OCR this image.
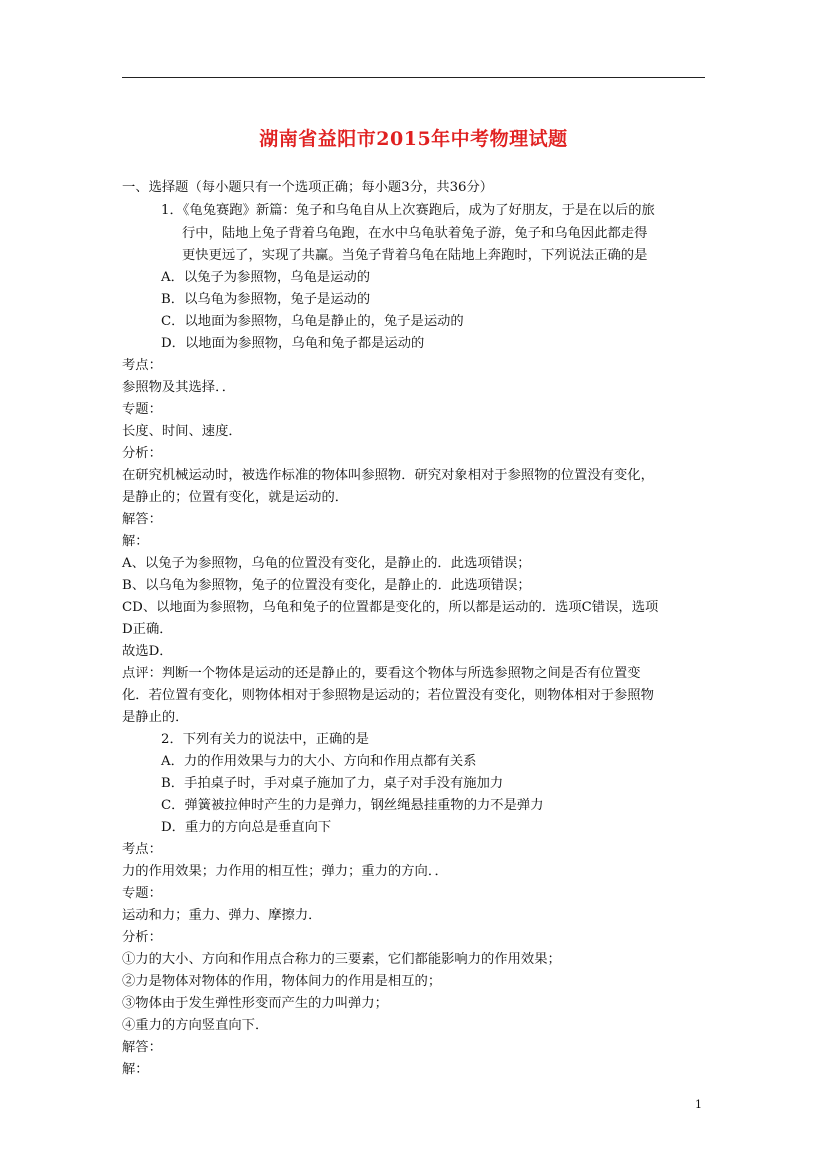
湖南省益阳市2015年中考物理试题
一、选择题（每小题只有一个选项正确；每小题3分，共36分）
1．《龟兔赛跑》新篇：兔子和乌龟自从上次赛跑后，成为了好朋友，于是在以后的旅
行中，陆地上兔子背着乌龟跑，在水中乌龟驮着兔子游，兔子和乌龟因此都走得
更快更远了，实现了共赢。当兔子背着乌龟在陆地上奔跑时，下列说法正确的是
A．以兔子为参照物，乌龟是运动的
B．以乌龟为参照物，兔子是运动的
C．以地面为参照物，乌龟是静止的，兔子是运动的
D．以地面为参照物，乌龟和兔子都是运动的
考点：
参照物及其选择．．
专题：
长度、时间、速度．
分析：
在研究机械运动时，被选作标准的物体叫参照物．研究对象相对于参照物的位置没有变化，
是静止的；位置有变化，就是运动的．
解答：
解：
A、以兔子为参照物，乌龟的位置没有变化，是静止的．此选项错误；
B、以乌龟为参照物，兔子的位置没有变化，是静止的．此选项错误；
CD、以地面为参照物，乌龟和兔子的位置都是变化的，所以都是运动的．选项C错误，选项
D正确．
故选D．
点评：判断一个物体是运动的还是静止的，要看这个物体与所选参照物之间是否有位置变
化．若位置有变化，则物体相对于参照物是运动的；若位置没有变化，则物体相对于参照物
是静止的．
2．下列有关力的说法中，正确的是
A．力的作用效果与力的大小、方向和作用点都有关系
B．手拍桌子时，手对桌子施加了力，桌子对手没有施加力
C．弹簧被拉伸时产生的力是弹力，钢丝绳悬挂重物的力不是弹力
D．重力的方向总是垂直向下
考点：
力的作用效果；力作用的相互性；弹力；重力的方向．．
专题：
运动和力；重力、弹力、摩擦力．
分析：
①力的大小、方向和作用点合称力的三要素，它们都能影响力的作用效果；
②力是物体对物体的作用，物体间力的作用是相互的；
③物体由于发生弹性形变而产生的力叫弹力；
④重力的方向竖直向下．
解答：
解：
1
